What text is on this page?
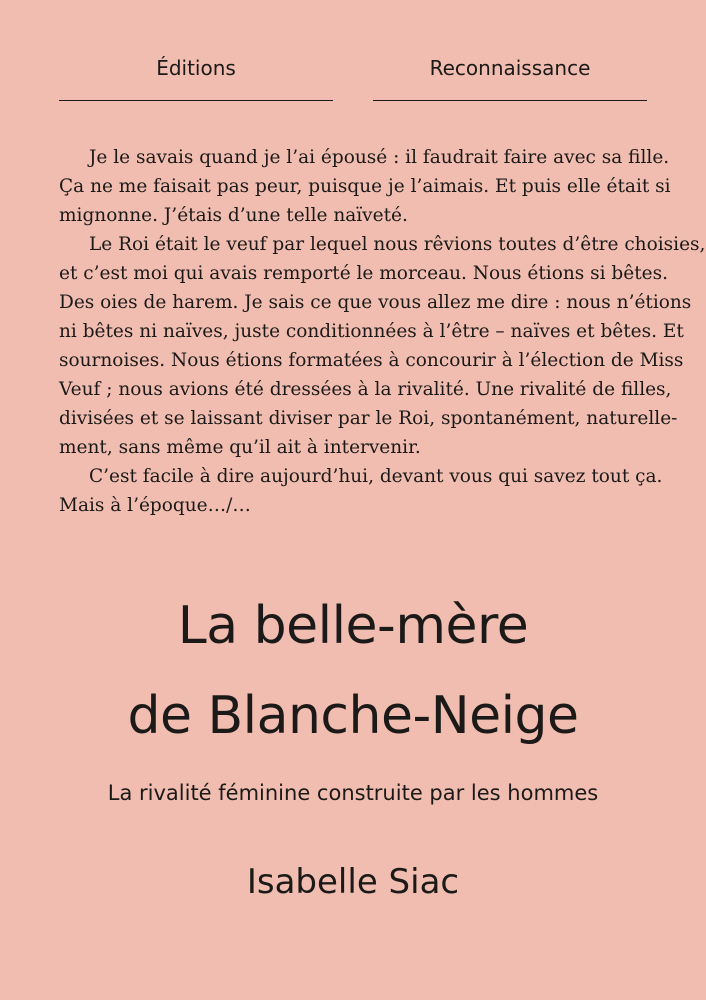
Éditions	Reconnaissance
Je le savais quand je l’ai épousé : il faudrait faire avec sa fille.
Ça ne me faisait pas peur, puisque je l’aimais. Et puis elle était si
mignonne. J’étais d’une telle naïveté.
Le Roi était le veuf par lequel nous rêvions toutes d’être choisies,
et c’est moi qui avais remporté le morceau. Nous étions si bêtes.
Des oies de harem. Je sais ce que vous allez me dire : nous n’étions
ni bêtes ni naïves, juste conditionnées à l’être – naïves et bêtes. Et
sournoises. Nous étions formatées à concourir à l’élection de Miss
Veuf ; nous avions été dressées à la rivalité. Une rivalité de filles,
divisées et se laissant diviser par le Roi, spontanément, naturelle-
ment, sans même qu’il ait à intervenir.
C’est facile à dire aujourd’hui, devant vous qui savez tout ça.
Mais à l’époque…/…
La belle-mère
de Blanche-Neige
La rivalité féminine construite par les hommes
Isabelle Siac
